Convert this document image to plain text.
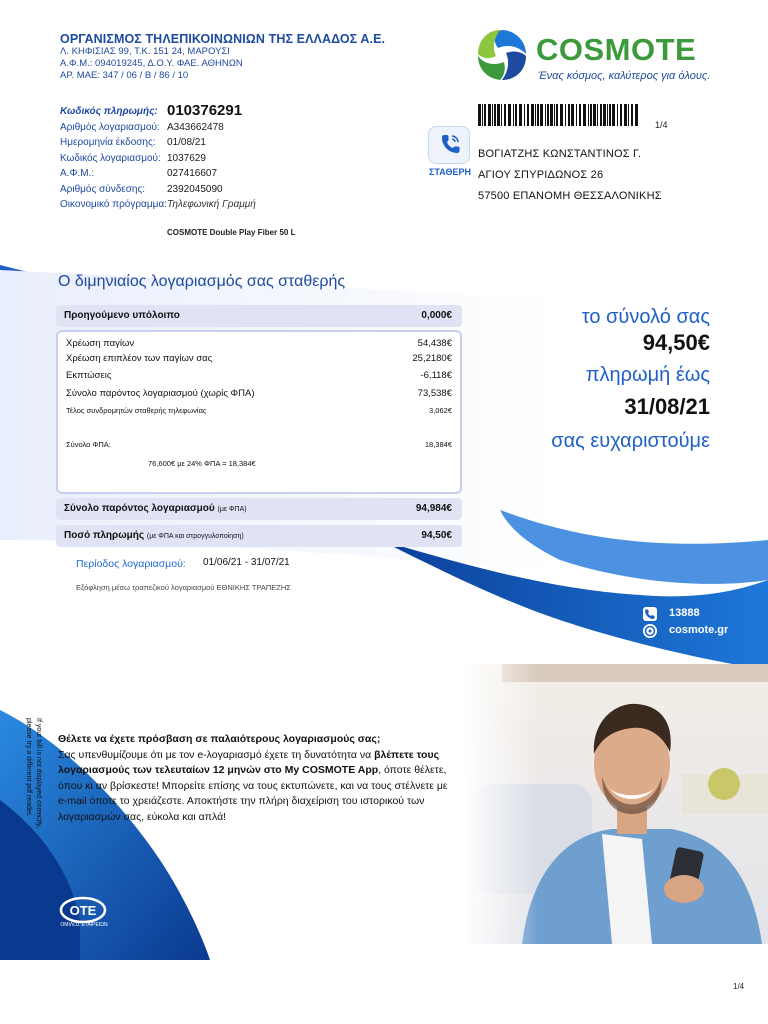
ΟΡΓΑΝΙΣΜΟΣ ΤΗΛΕΠΙΚΟΙΝΩΝΙΩΝ ΤΗΣ ΕΛΛΑΔΟΣ Α.Ε.
Λ. ΚΗΦΙΣΙΑΣ 99, Τ.Κ. 151 24, ΜΑΡΟΥΣΙ
Α.Φ.Μ.: 094019245, Δ.Ο.Υ. ΦΑΕ. ΑΘΗΝΩΝ
ΑΡ. ΜΑΕ: 347 / 06 / Β / 86 / 10
COSMOTE
Ένας κόσμος, καλύτερος για όλους.
Κωδικός πληρωμής: 010376291
Αριθμός λογαριασμού: A343662478
Ημερομηνία έκδοσης: 01/08/21
Κωδικός λογαριασμού: 1037629
Α.Φ.Μ.:	027416607
Αριθμός σύνδεσης: 2392045090
Οικονομικό πρόγραμμα: Τηλεφωνική Γραμμή
COSMOTE Double Play Fiber 50 L
1/4
ΣΤΑΘΕΡΗ
ΒΟΓΙΑΤΖΗΣ ΚΩΝΣΤΑΝΤΙΝΟΣ Γ.
ΑΓΙΟΥ ΣΠΥΡΙΔΩΝΟΣ 26
57500 ΕΠΑΝΟΜΗ ΘΕΣΣΑΛΟΝΙΚΗΣ
Ο διμηνιαίος λογαριασμός σας σταθερής
Προηγούμενο υπόλοιπο	0,000€
Χρέωση παγίων	54,438€
Χρέωση επιπλέον των παγίων σας	25,2180€
Εκπτώσεις	-6,118€
Σύνολο παρόντος λογαριασμού (χωρίς ΦΠΑ)	73,538€
Τέλος συνδρομητών σταθερής τηλεφωνίας	3,062€
Σύνολο ΦΠΑ:	18,384€
76,600€ με 24% ΦΠΑ = 18,384€
Σύνολο παρόντος λογαριασμού (με ΦΠΑ)	94,984€
Ποσό πληρωμής (με ΦΠΑ και στρογγυλοποίηση)	94,50€
Περίοδος λογαριασμού: 01/06/21 - 31/07/21
Εξόφληση μέσω τραπεζικού λογαριασμού ΕΘΝΙΚΗΣ ΤΡΑΠΕΖΗΣ
το σύνολό σας
94,50€
πληρωμή έως
31/08/21
σας ευχαριστούμε
13888
cosmote.gr
Θέλετε να έχετε πρόσβαση σε παλαιότερους λογαριασμούς σας;
Σας υπενθυμίζουμε ότι με τον e-λογαριασμό έχετε τη δυνατότητα να βλέπετε τους λογαριασμούς των τελευταίων 12 μηνών στο My COSMOTE App, όποτε θέλετε, όπου κι αν βρίσκεστε! Μπορείτε επίσης να τους εκτυπώνετε, και να τους στέλνετε με e-mail όποτε το χρειάζεστε. Αποκτήστε την πλήρη διαχείριση του ιστορικού των λογαριασμών σας, εύκολα και απλά!
If your bill is not displayed correctly,
please try a different pdf reader.
ΟΤΕ
ΟΜΙΛΟΣ ΕΤΑΙΡΕΙΩΝ
1/4
